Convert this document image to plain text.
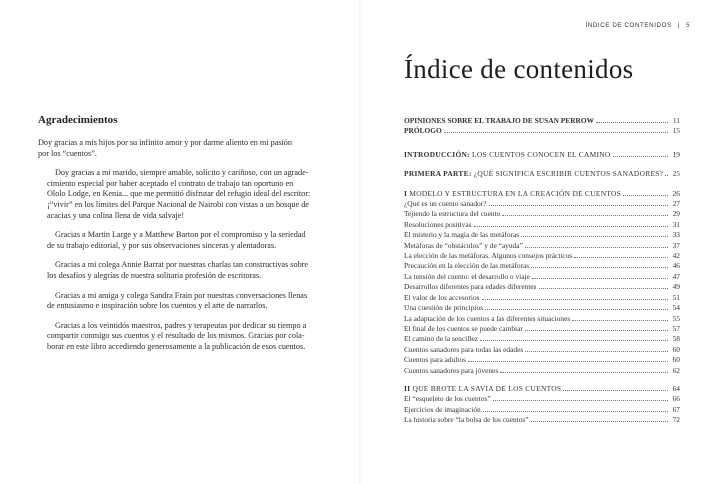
Agradecimientos

Doy gracias a mis hijos por su infinito amor y por darme aliento en mi pasión
por los “cuentos”.

Doy gracias a mi marido, siempre amable, solícito y cariñoso, con un agrade-
cimiento especial por haber aceptado el contrato de trabajo tan oportuno en
Ololo Lodge, en Kenia... que me permitió disfrutar del refugio ideal del escritor:
¡“vivir” en los límites del Parque Nacional de Nairobi con vistas a un bosque de
acacias y una colina llena de vida salvaje!

Gracias a Martin Large y a Matthew Barton por el compromiso y la seriedad
de su trabajo editorial, y por sus observaciones sinceras y alentadoras.

Gracias a mi colega Annie Barrat por nuestras charlas tan constructivas sobre
los desafíos y alegrías de nuestra solitaria profesión de escritoras.

Gracias a mi amiga y colega Sandra Frain por nuestras conversaciones llenas
de entusiasmo e inspiración sobre los cuentos y el arte de narrarlos.

Gracias a los veintidós maestros, padres y terapeutas por dedicar su tiempo a
compartir conmigo sus cuentos y el resultado de los mismos. Gracias por cola-
borar en este libro accediendo generosamente a la publicación de esos cuentos.

ÍNDICE DE CONTENIDOS | 5
Índice de contenidos
OPINIONES SOBRE EL TRABAJO DE SUSAN PERROW	11
PRÓLOGO	15
INTRODUCCIÓN: LOS CUENTOS CONOCEN EL CAMINO	19
PRIMERA PARTE: ¿QUÉ SIGNIFICA ESCRIBIR CUENTOS SANADORES?	25
I MODELO Y ESTRUCTURA EN LA CREACIÓN DE CUENTOS	26
¿Qué es un cuento sanador?	27
Tejiendo la estructura del cuento	29
Resoluciones positivas	31
El misterio y la magia de las metáforas	33
Metáforas de “obstáculos” y de “ayuda”	37
La elección de las metáforas. Algunos consejos prácticos	42
Precaución en la elección de las metáforas	46
La tensión del cuento: el desarrollo o viaje	47
Desarrollos diferentes para edades diferentes	49
El valor de los accesorios	51
Una cuestión de principios	54
La adaptación de los cuentos a las diferentes situaciones	55
El final de los cuentos se puede cambiar	57
El camino de la sencillez	58
Cuentos sanadores para todas las edades	60
Cuentos para adultos	60
Cuentos sanadores para jóvenes	62
II QUE BROTE LA SAVIA DE LOS CUENTOS	64
El “esqueleto de los cuentos”	66
Ejercicios de imaginación	67
La historia sobre “la bolsa de los cuentos”	72
